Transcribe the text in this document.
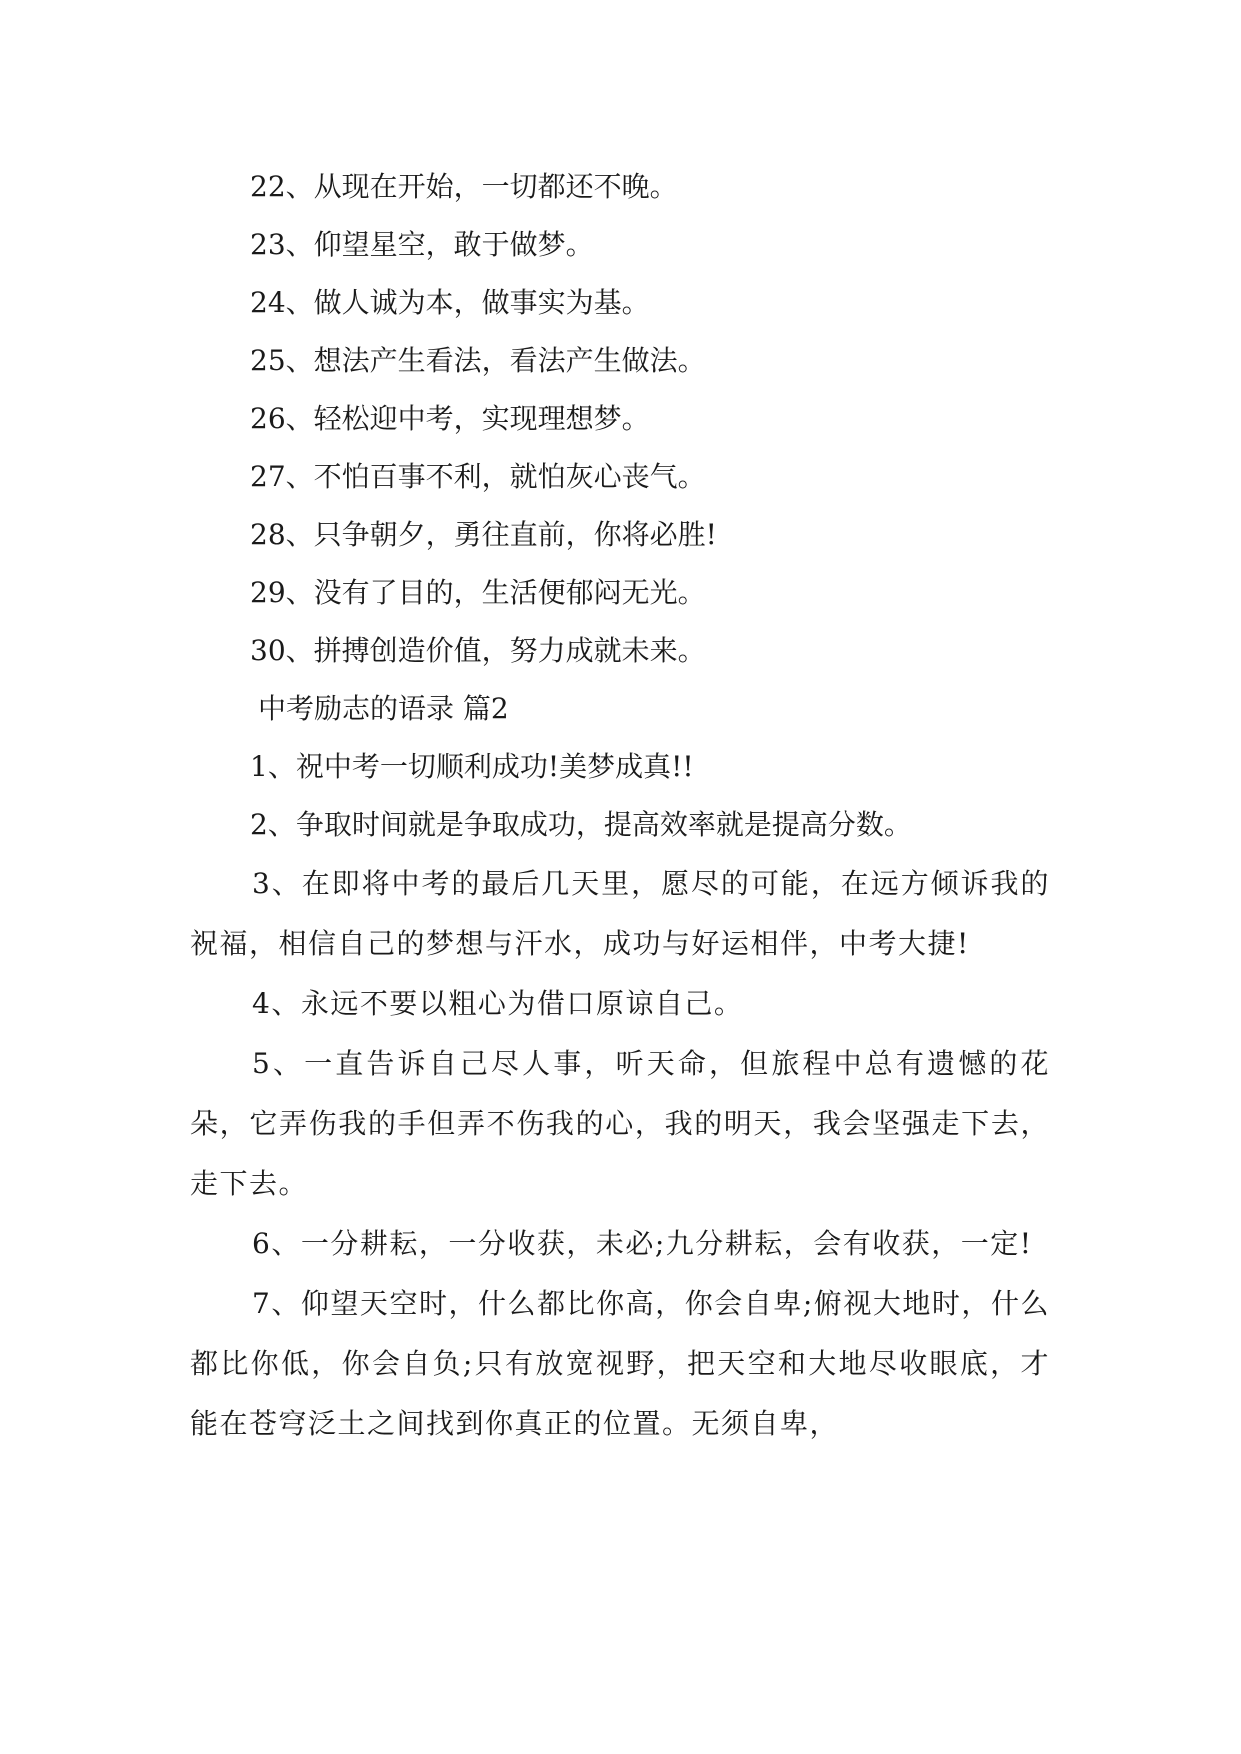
22、从现在开始，一切都还不晚。
23、仰望星空，敢于做梦。
24、做人诚为本，做事实为基。
25、想法产生看法，看法产生做法。
26、轻松迎中考，实现理想梦。
27、不怕百事不利，就怕灰心丧气。
28、只争朝夕，勇往直前，你将必胜!
29、没有了目的，生活便郁闷无光。
30、拼搏创造价值，努力成就未来。
中考励志的语录 篇2
1、祝中考一切顺利成功!美梦成真!!
2、争取时间就是争取成功，提高效率就是提高分数。
3、在即将中考的最后几天里，愿尽的可能，在远方倾诉我的祝福，相信自己的梦想与汗水，成功与好运相伴，中考大捷!
4、永远不要以粗心为借口原谅自己。
5、一直告诉自己尽人事，听天命，但旅程中总有遗憾的花朵，它弄伤我的手但弄不伤我的心，我的明天，我会坚强走下去，走下去。
6、一分耕耘，一分收获，未必;九分耕耘，会有收获，一定!
7、仰望天空时，什么都比你高，你会自卑;俯视大地时，什么都比你低，你会自负;只有放宽视野，把天空和大地尽收眼底，才能在苍穹泛土之间找到你真正的位置。无须自卑，
